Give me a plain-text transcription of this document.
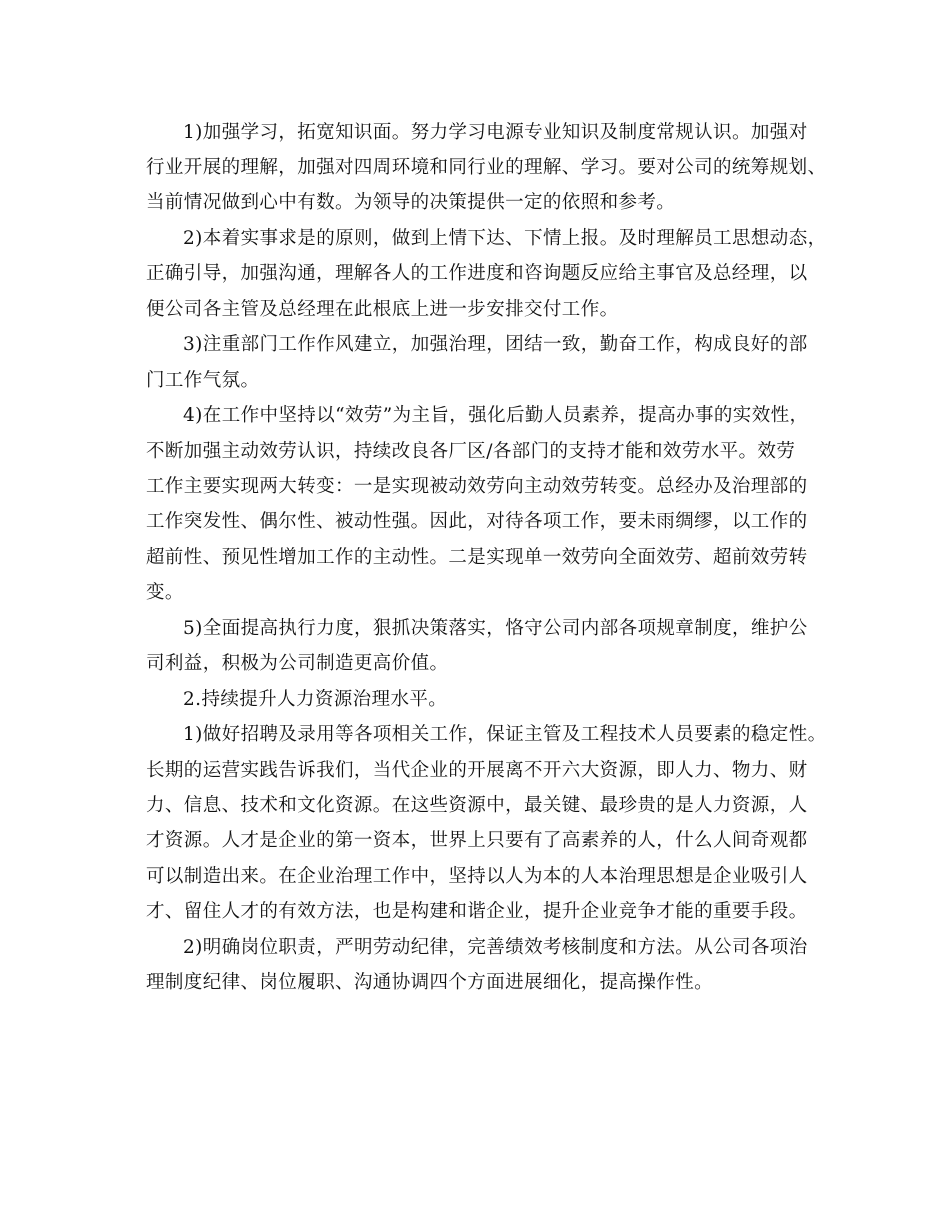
1)加强学习，拓宽知识面。努力学习电源专业知识及制度常规认识。加强对
行业开展的理解，加强对四周环境和同行业的理解、学习。要对公司的统筹规划、
当前情况做到心中有数。为领导的决策提供一定的依照和参考。
2)本着实事求是的原则，做到上情下达、下情上报。及时理解员工思想动态，
正确引导，加强沟通，理解各人的工作进度和咨询题反应给主事官及总经理，以
便公司各主管及总经理在此根底上进一步安排交付工作。
3)注重部门工作作风建立，加强治理，团结一致，勤奋工作，构成良好的部
门工作气氛。
4)在工作中坚持以“效劳”为主旨，强化后勤人员素养，提高办事的实效性，
不断加强主动效劳认识，持续改良各厂区/各部门的支持才能和效劳水平。效劳
工作主要实现两大转变：一是实现被动效劳向主动效劳转变。总经办及治理部的
工作突发性、偶尔性、被动性强。因此，对待各项工作，要未雨绸缪，以工作的
超前性、预见性增加工作的主动性。二是实现单一效劳向全面效劳、超前效劳转
变。
5)全面提高执行力度，狠抓决策落实，恪守公司内部各项规章制度，维护公
司利益，积极为公司制造更高价值。
2.持续提升人力资源治理水平。
1)做好招聘及录用等各项相关工作，保证主管及工程技术人员要素的稳定性。
长期的运营实践告诉我们，当代企业的开展离不开六大资源，即人力、物力、财
力、信息、技术和文化资源。在这些资源中，最关键、最珍贵的是人力资源，人
才资源。人才是企业的第一资本，世界上只要有了高素养的人，什么人间奇观都
可以制造出来。在企业治理工作中，坚持以人为本的人本治理思想是企业吸引人
才、留住人才的有效方法，也是构建和谐企业，提升企业竞争才能的重要手段。
2)明确岗位职责，严明劳动纪律，完善绩效考核制度和方法。从公司各项治
理制度纪律、岗位履职、沟通协调四个方面进展细化，提高操作性。
